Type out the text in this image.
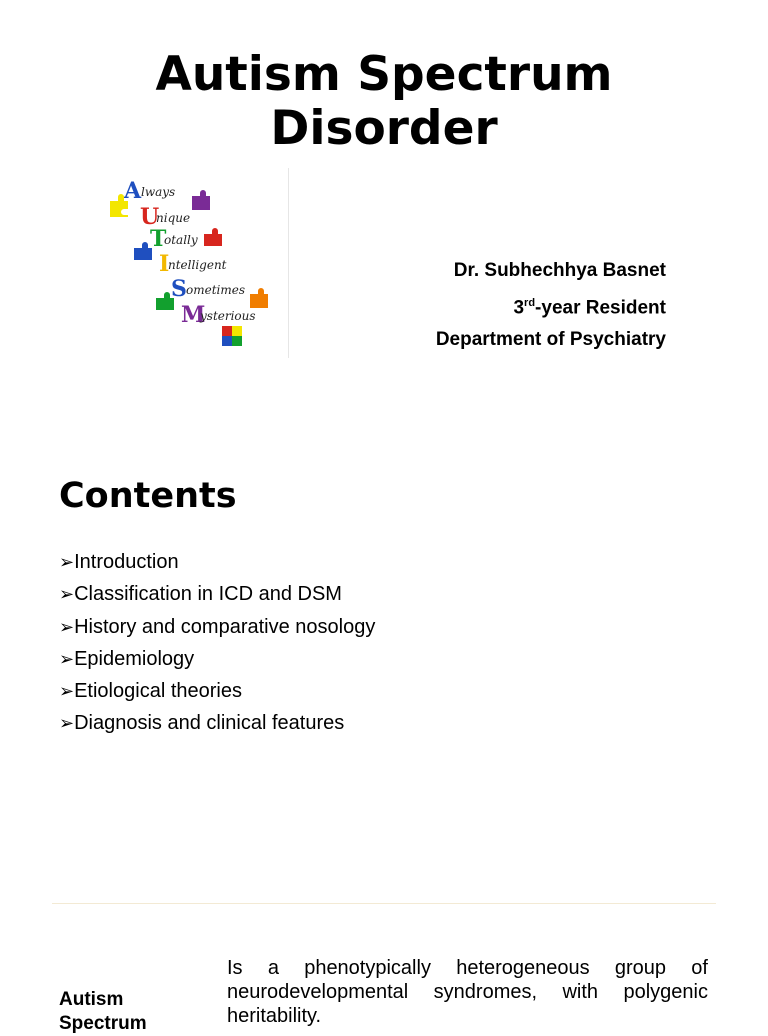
Autism Spectrum
Disorder
A
U
T
I
S
M
lways
nique
otally
ntelligent
ometimes
ysterious
Dr. Subhechhya Basnet
3rd-year Resident
Department of Psychiatry
Contents
➢Introduction
➢Classification in ICD and DSM
➢History and comparative nosology
➢Epidemiology
➢Etiological theories
➢Diagnosis and clinical features
Autism
Spectrum
Is a phenotypically heterogeneous group of neurodevelopmental syndromes, with polygenic heritability.
